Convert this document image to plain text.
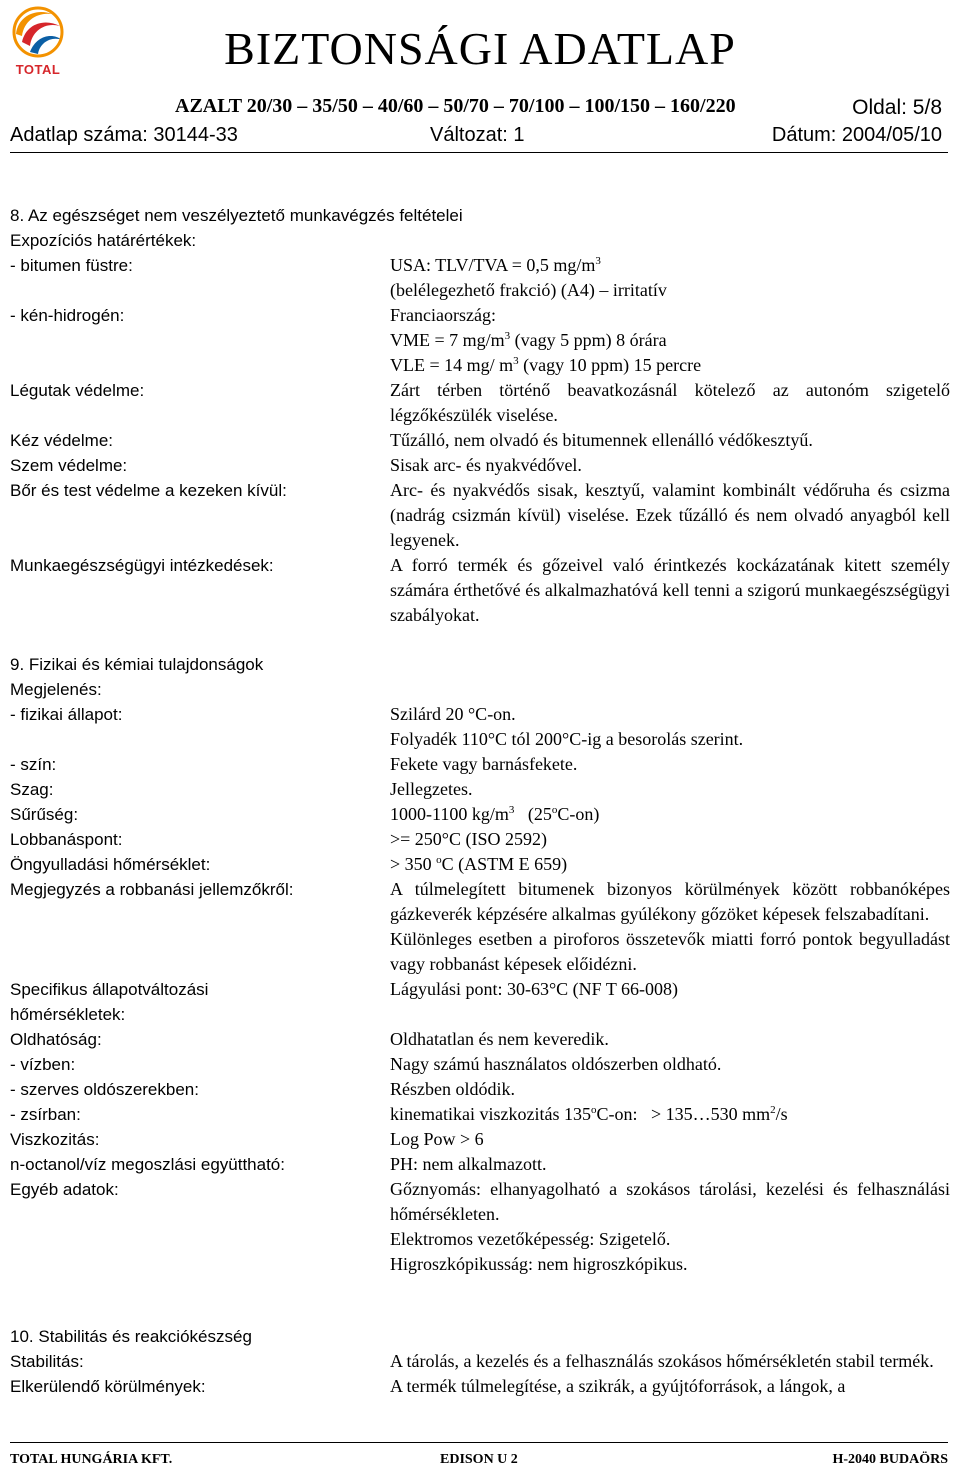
TOTAL	BIZTONSÁGI ADATLAP
AZALT 20/30 – 35/50 – 40/60 – 50/70 – 70/100 – 100/150 – 160/220	Oldal: 5/8
Adatlap száma: 30144-33	Változat: 1	Dátum: 2004/05/10
8. Az egészséget nem veszélyeztető munkavégzés feltételei
Expozíciós határértékek:
- bitumen füstre:	USA: TLV/TVA = 0,5 $mg/m^3$
(belélegezhető frakció) (A4) – irritatív
- kén-hidrogén:	Franciaország:
VME = 7 $mg/m^3$ (vagy 5 ppm) 8 órára
VLE = 14 mg/ $m^3$ (vagy 10 ppm) 15 percre
Légutak védelme:	Zárt térben történő beavatkozásnál kötelező az autonóm szigetelő légzőkészülék viselése.
Kéz védelme:	Tűzálló, nem olvadó és bitumennek ellenálló védőkesztyű.
Szem védelme:	Sisak arc- és nyakvédővel.
Bőr és test védelme a kezeken kívül:	Arc- és nyakvédős sisak, kesztyű, valamint kombinált védőruha és csizma (nadrág csizmán kívül) viselése. Ezek tűzálló és nem olvadó anyagból kell legyenek.
Munkaegészségügyi intézkedések:	A forró termék és gőzeivel való érintkezés kockázatának kitett személy számára érthetővé és alkalmazhatóvá kell tenni a szigorú munkaegészségügyi szabályokat.
9. Fizikai és kémiai tulajdonságok
Megjelenés:
- fizikai állapot:	Szilárd 20 °C-on.
Folyadék 110°C tól 200°C-ig a besorolás szerint.
- szín:	Fekete vagy barnásfekete.
Szag:	Jellegzetes.
Sűrűség:	1000-1100 $kg/m^3$   (25$^o$C-on)
Lobbanáspont:	>= 250°C (ISO 2592)
Öngyulladási hőmérséklet:	> 350 $^o$C (ASTM E 659)
Megjegyzés a robbanási jellemzőkről:	A túlmelegített bitumenek bizonyos körülmények között robbanóképes gázkeverék képzésére alkalmas gyúlékony gőzöket képesek felszabadítani.
Különleges esetben a piroforos összetevők miatti forró pontok begyulladást vagy robbanást képesek előidézni.
Specifikus állapotváltozási hőmérsékletek:
Lágyulási pont: 30-63°C (NF T 66-008)
Oldhatóság:	Oldhatatlan és nem keveredik.
- vízben:	Nagy számú használatos oldószerben oldható.
- szerves oldószerekben:	Részben oldódik.
- zsírban:	kinematikai viszkozitás 135$^o$C-on:   > 135…530 $mm^2/s$
Viszkozitás:	Log Pow > 6
n-octanol/víz megoszlási együttható:	PH: nem alkalmazott.
Egyéb adatok:	Gőznyomás: elhanyagolható a szokásos tárolási, kezelési és felhasználási hőmérsékleten.
Elektromos vezetőképesség: Szigetelő.
Higroszkópikusság: nem higroszkópikus.
10. Stabilitás és reakciókészség
Stabilitás:	A tárolás, a kezelés és a felhasználás szokásos hőmérsékletén stabil termék.
Elkerülendő körülmények:	A termék túlmelegítése, a szikrák, a gyújtóforrások, a lángok, a
TOTAL HUNGÁRIA KFT.	EDISON U 2	H-2040 BUDAÖRS
